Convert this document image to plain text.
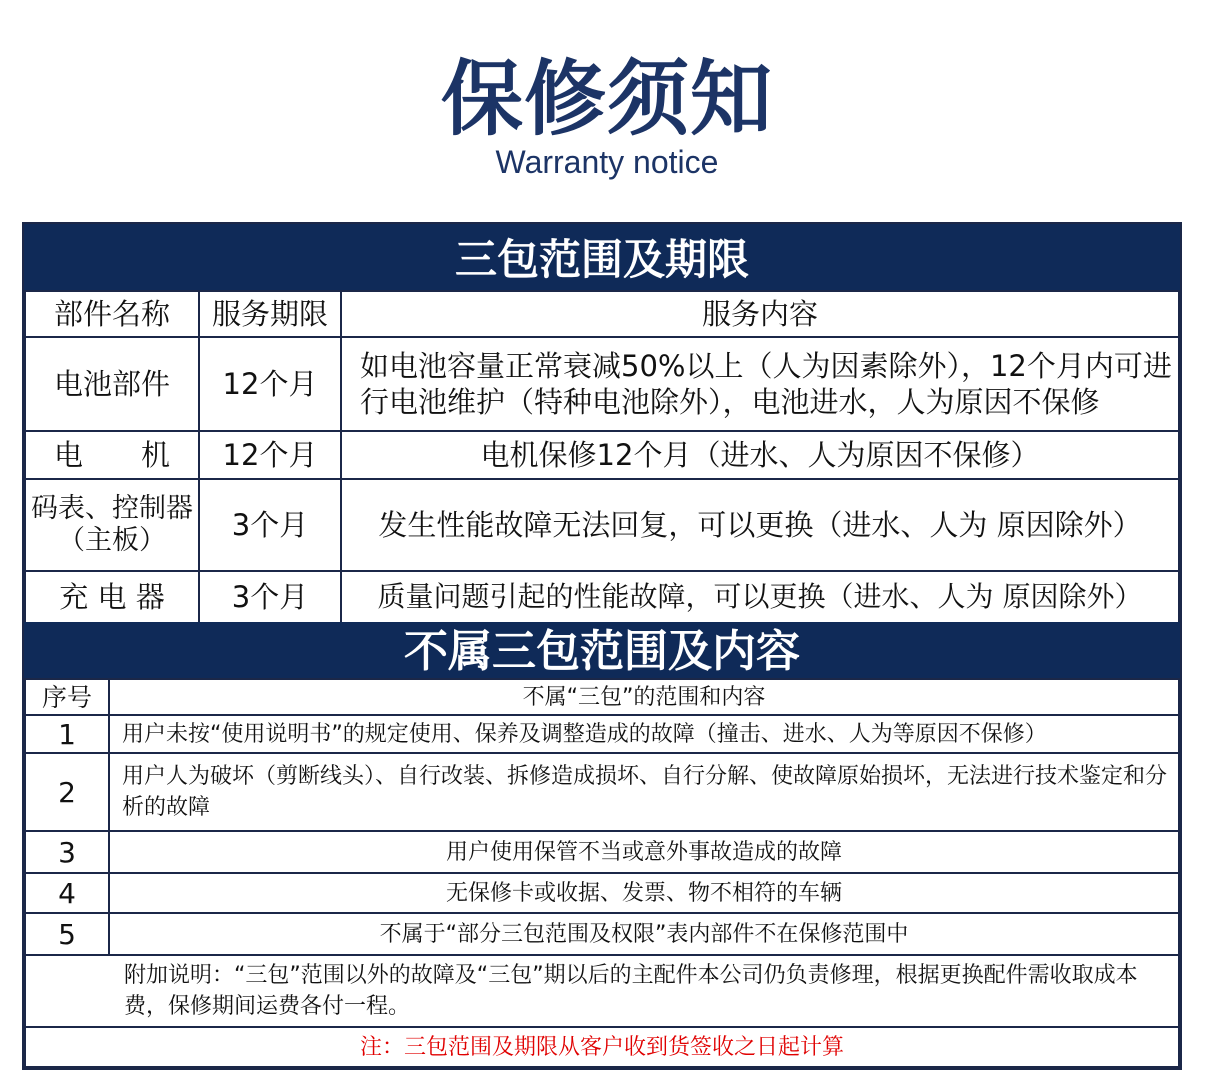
保修须知
Warranty notice
三包范围及期限
部件名称	服务期限	服务内容
电池部件	12个月	如电池容量正常衰减50%以上（人为因素除外），12个月内可进行电池维护（特种电池除外），电池进水，人为原因不保修
电　　机	12个月	电机保修12个月（进水、人为原因不保修）
码表、控制器（主板）	3个月	发生性能故障无法回复，可以更换（进水、人为 原因除外）
充 电 器	3个月	质量问题引起的性能故障，可以更换（进水、人为 原因除外）
不属三包范围及内容
序号	不属“三包”的范围和内容
1	用户未按“使用说明书”的规定使用、保养及调整造成的故障（撞击、进水、人为等原因不保修）
2	用户人为破坏（剪断线头）、自行改装、拆修造成损坏、自行分解、使故障原始损坏，无法进行技术鉴定和分析的故障
3	用户使用保管不当或意外事故造成的故障
4	无保修卡或收据、发票、物不相符的车辆
5	不属于“部分三包范围及权限”表内部件不在保修范围中
附加说明：“三包”范围以外的故障及“三包”期以后的主配件本公司仍负责修理，根据更换配件需收取成本费，保修期间运费各付一程。	
注：三包范围及期限从客户收到货签收之日起计算	
